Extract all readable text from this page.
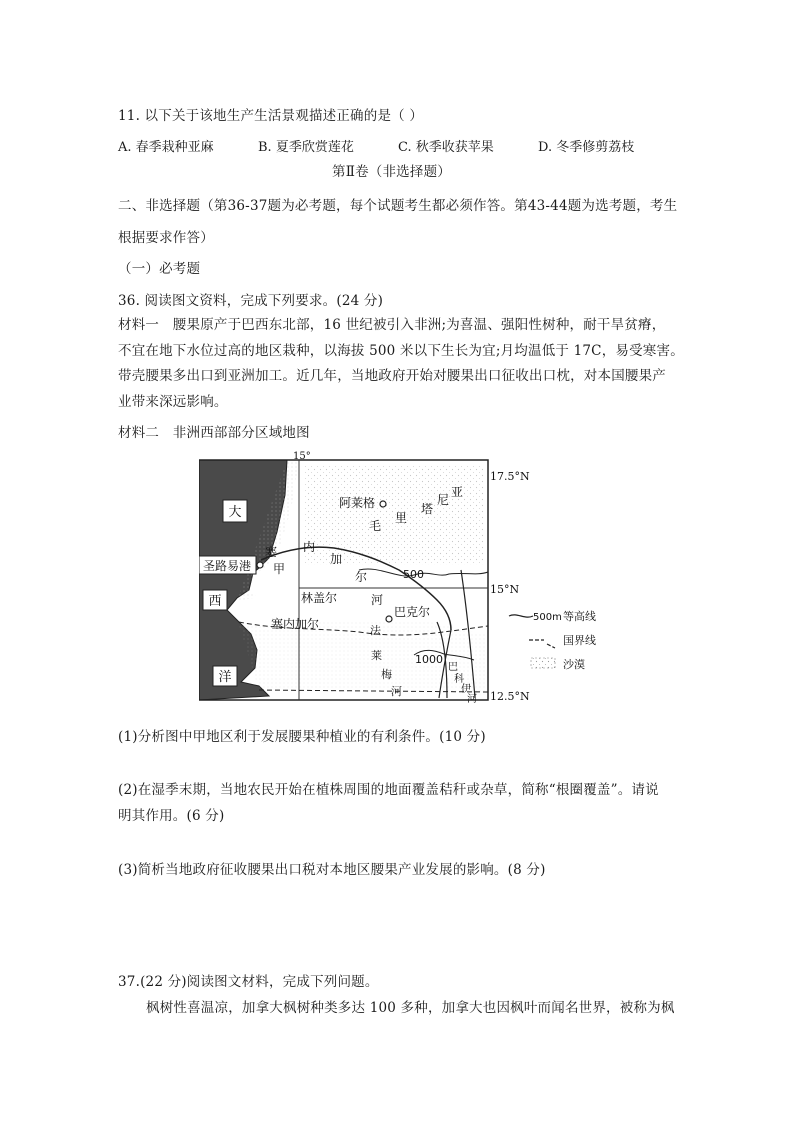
11. 以下关于该地生产生活景观描述正确的是（ ）
A. 春季栽种亚麻	B. 夏季欣赏莲花	C. 秋季收获苹果	D. 冬季修剪荔枝
第Ⅱ卷（非选择题）
二、非选择题（第36-37题为必考题，每个试题考生都必须作答。第43-44题为选考题，考生
根据要求作答）
（一）必考题
36. 阅读图文资料，完成下列要求。(24 分)
材料一　腰果原产于巴西东北部，16 世纪被引入非洲;为喜温、强阳性树种，耐干旱贫瘠，
不宜在地下水位过高的地区栽种，以海拔 500 米以下生长为宜;月均温低于 17C，易受寒害。
带壳腰果多出口到亚洲加工。近几年，当地政府开始对腰果出口征收出口枕，对本国腰果产
业带来深远影响。
材料二　非洲西部部分区域地图
大
西
洋
圣路易港
阿莱格
毛
里
塔
尼
亚
塞 内
加
尔
甲
林盖尔
塞内加尔
河
巴克尔
法
莱
梅
河
巴
科
伊
河
500
1000
15°
17.5°N
15°N
12.5°N
500m 等高线
国界线
沙漠
(1)分析图中甲地区利于发展腰果种植业的有利条件。(10 分)
(2)在湿季末期，当地农民开始在植株周围的地面覆盖秸秆或杂草，简称“根圈覆盖”。请说
明其作用。(6 分)
(3)简析当地政府征收腰果出口税对本地区腰果产业发展的影响。(8 分)
37.(22 分)阅读图文材料，完成下列问题。
枫树性喜温凉，加拿大枫树种类多达 100 多种，加拿大也因枫叶而闻名世界，被称为枫
